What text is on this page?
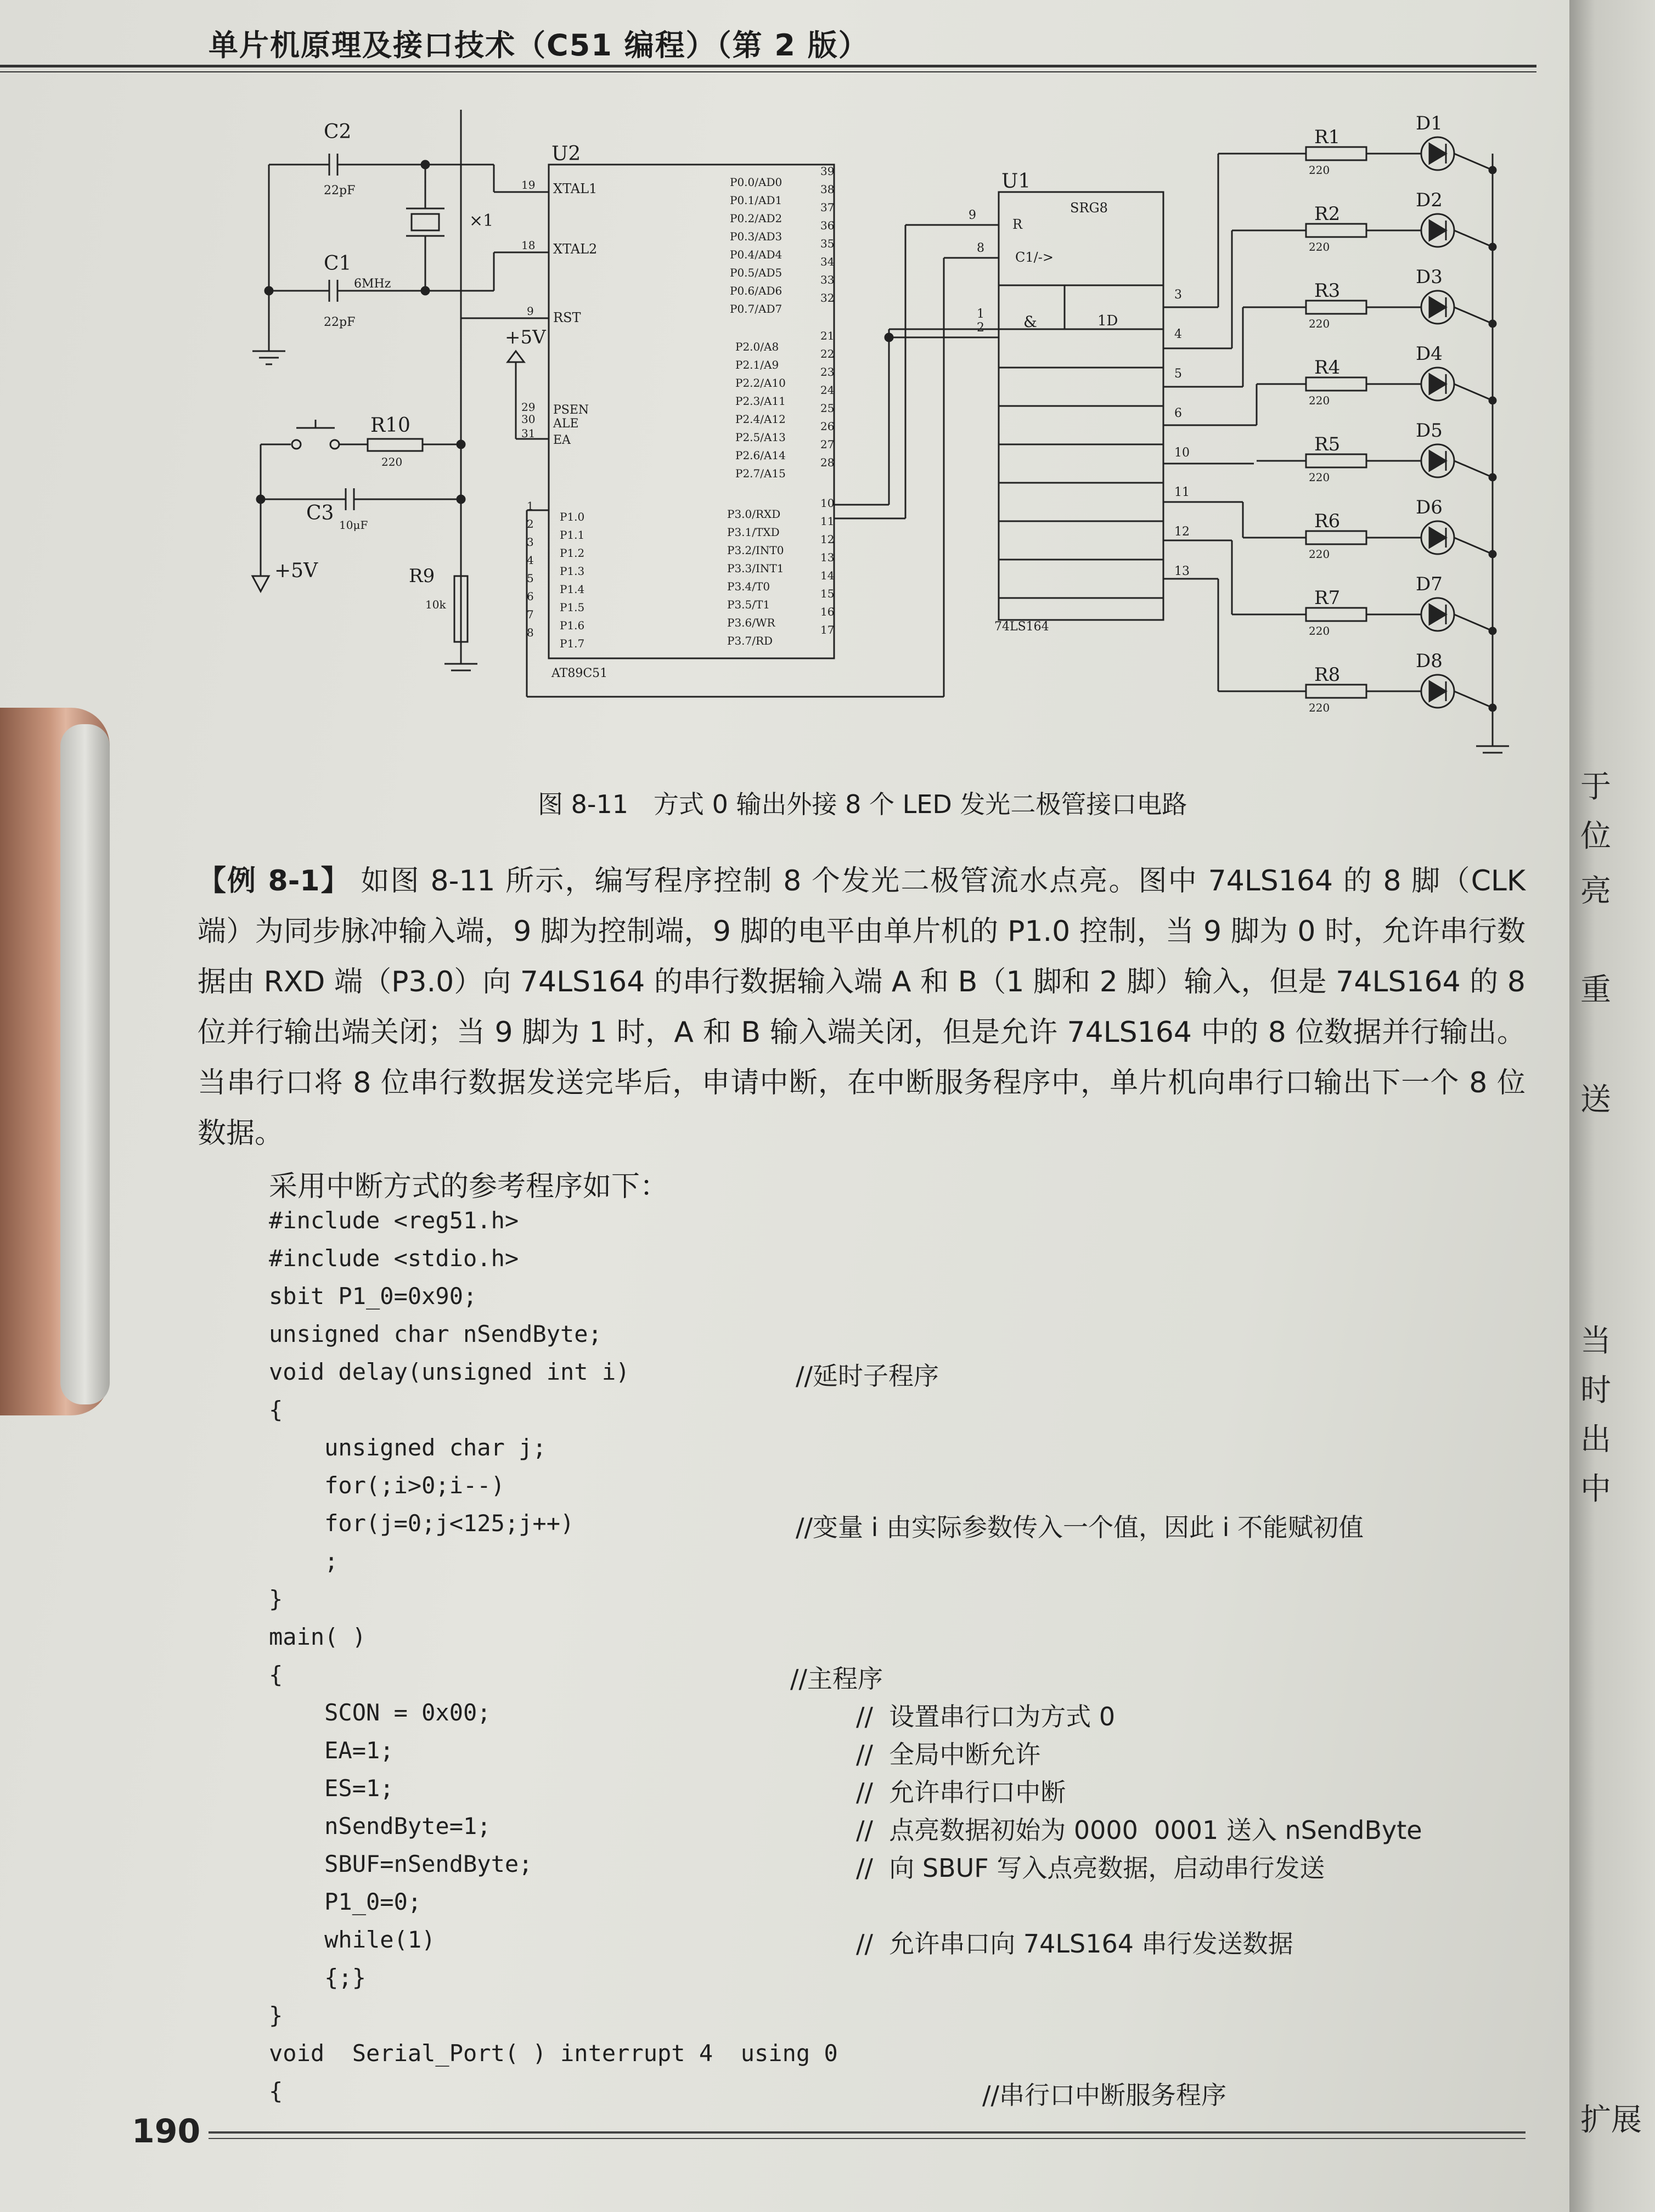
单片机原理及接口技术（C51 编程）（第 2 版）
C2
22pF
C1
6MHz
22pF
×1
U2
U1
SRG8
XTAL1
XTAL2
RST
+5V
PSEN
ALE
EA
AT89C51
R10
220
C3
10μF
R9
10k
+5V
&	1D
R
C1/->
74LS164
19
18
9
29
30
31
9
8
1
2
P0.0/AD0
39
P2.0/A8
21
P3.0/RXD
10
P1.0
1
3
R1
220
D1
P0.1/AD1
38
P2.1/A9
22
P3.1/TXD
11
P1.1
2
4
R2
220
D2
P0.2/AD2
37
P2.2/A10
23
P3.2/INT0
12
P1.2
3
5
R3
220
D3
P0.3/AD3
36
P2.3/A11
24
P3.3/INT1
13
P1.3
4
6
R4
220
D4
P0.4/AD4
35
P2.4/A12
25
P3.4/T0
14
P1.4
5
10	R5
220
D5
P0.5/AD5
34
P2.5/A13
26
P3.5/T1
15
P1.5
6
11
R6
220
D6
P0.6/AD6
33
P2.6/A14
27
P3.6/WR
16
P1.6
7
12
R7
220
D7
P0.7/AD7
32
P2.7/A15
28
P3.7/RD
17
P1.7
8
13
R8
220
D8
图 8-11　方式 0 输出外接 8 个 LED 发光二极管接口电路
【例 8-1】 如图 8-11 所示，编写程序控制 8 个发光二极管流水点亮。图中 74LS164 的 8 脚（CLK 端）为同步脉冲输入端，9 脚为控制端，9 脚的电平由单片机的 P1.0 控制，当 9 脚为 0 时，允许串行数据由 RXD 端（P3.0）向 74LS164 的串行数据输入端 A 和 B（1 脚和 2 脚）输入，但是 74LS164 的 8 位并行输出端关闭；当 9 脚为 1 时，A 和 B 输入端关闭，但是允许 74LS164 中的 8 位数据并行输出。当串行口将 8 位串行数据发送完毕后，申请中断，在中断服务程序中，单片机向串行口输出下一个 8 位数据。
采用中断方式的参考程序如下：
#include <reg51.h>
#include <stdio.h>
sbit P1_0=0x90;
unsigned char nSendByte;
void delay(unsigned int i)
{
unsigned char j;
for(;i>0;i--)
for(j=0;j<125;j++)
;
}
main( )
{
SCON = 0x00;
EA=1;
ES=1;
nSendByte=1;
SBUF=nSendByte;
P1_0=0;
while(1)
{;}
}
void  Serial_Port( ) interrupt 4  using 0
{
//延时子程序
//变量 i 由实际参数传入一个值，因此 i 不能赋初值
//主程序
//  设置串行口为方式 0
//  全局中断允许
//  允许串行口中断
//  点亮数据初始为 0000  0001 送入 nSendByte
//  向 SBUF 写入点亮数据，启动串行发送
//  允许串口向 74LS164 串行发送数据
//串行口中断服务程序
190
于
位
亮
重
送
当
时
出
中
扩展
